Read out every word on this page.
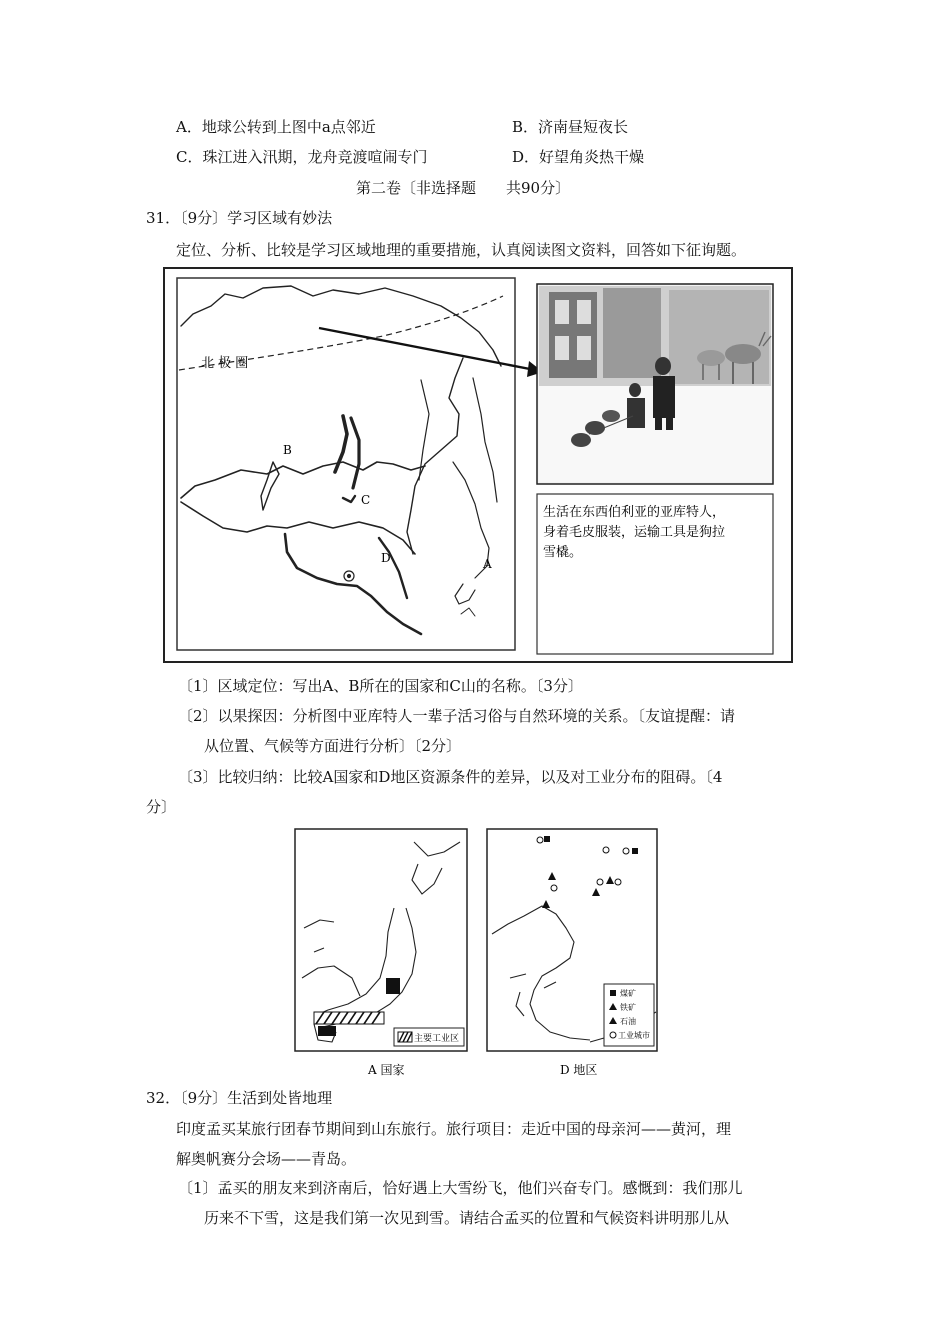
A．地球公转到上图中a点邻近	B．济南昼短夜长
C．珠江进入汛期，龙舟竞渡喧闹专门	D．好望角炎热干燥
第二卷〔非选择题　　共90分〕
31．〔9分〕学习区域有妙法
定位、分析、比较是学习区域地理的重要措施，认真阅读图文资料，回答如下征询题。
北 极 圈
B
C
D	A
生活在东西伯利亚的亚库特人，
身着毛皮服装，运输工具是狗拉
雪橇。
〔1〕区域定位：写出A、B所在的国家和C山的名称。〔3分〕
〔2〕以果探因：分析图中亚库特人一辈子活习俗与自然环境的关系。〔友谊提醒：请
从位置、气候等方面进行分析〕〔2分〕
〔3〕比较归纳：比较A国家和D地区资源条件的差异，以及对工业分布的阻碍。〔4
分〕
主要工业区
A 国家
煤矿
铁矿
石油
工业城市
D 地区
32．〔9分〕生活到处皆地理
印度孟买某旅行团春节期间到山东旅行。旅行项目：走近中国的母亲河——黄河，理
解奥帆赛分会场——青岛。
〔1〕孟买的朋友来到济南后，恰好遇上大雪纷飞，他们兴奋专门。感慨到：我们那儿
历来不下雪，这是我们第一次见到雪。请结合孟买的位置和气候资料讲明那儿从
